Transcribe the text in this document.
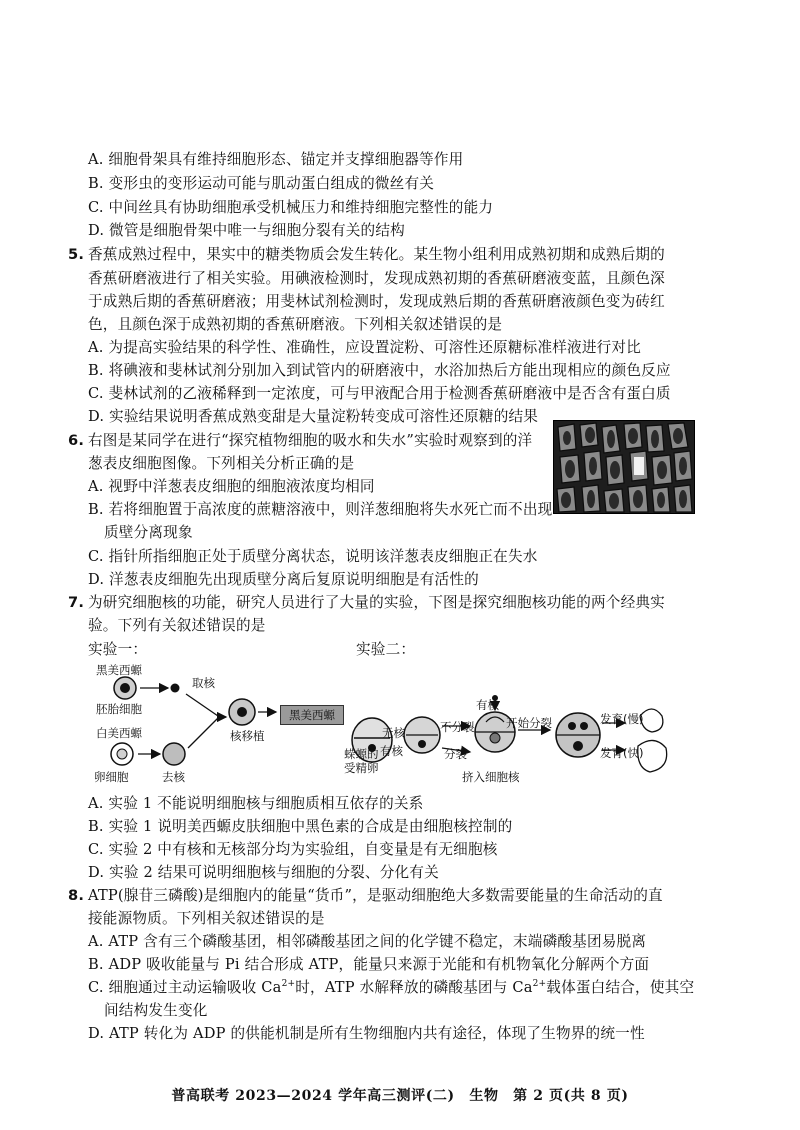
A. 细胞骨架具有维持细胞形态、锚定并支撑细胞器等作用
B. 变形虫的变形运动可能与肌动蛋白组成的微丝有关
C. 中间丝具有协助细胞承受机械压力和维持细胞完整性的能力
D. 微管是细胞骨架中唯一与细胞分裂有关的结构
5. 香蕉成熟过程中，果实中的糖类物质会发生转化。某生物小组利用成熟初期和成熟后期的
香蕉研磨液进行了相关实验。用碘液检测时，发现成熟初期的香蕉研磨液变蓝，且颜色深
于成熟后期的香蕉研磨液；用斐林试剂检测时，发现成熟后期的香蕉研磨液颜色变为砖红
色，且颜色深于成熟初期的香蕉研磨液。下列相关叙述错误的是
A. 为提高实验结果的科学性、准确性，应设置淀粉、可溶性还原糖标准样液进行对比
B. 将碘液和斐林试剂分别加入到试管内的研磨液中，水浴加热后方能出现相应的颜色反应
C. 斐林试剂的乙液稀释到一定浓度，可与甲液配合用于检测香蕉研磨液中是否含有蛋白质
D. 实验结果说明香蕉成熟变甜是大量淀粉转变成可溶性还原糖的结果
6. 右图是某同学在进行“探究植物细胞的吸水和失水”实验时观察到的洋
葱表皮细胞图像。下列相关分析正确的是
A. 视野中洋葱表皮细胞的细胞液浓度均相同
B. 若将细胞置于高浓度的蔗糖溶液中，则洋葱细胞将失水死亡而不出现
质壁分离现象
C. 指针所指细胞正处于质壁分离状态，说明该洋葱表皮细胞正在失水
D. 洋葱表皮细胞先出现质壁分离后复原说明细胞是有活性的
7. 为研究细胞核的功能，研究人员进行了大量的实验，下图是探究细胞核功能的两个经典实
验。下列有关叙述错误的是
实验一：	实验二：
黑美西螈
取核
胚胎细胞
白美西螈
卵细胞	去核
核移植
黑美西螈
蝾螈的
受精卵
无核
有核
不分裂
分裂
有核
挤入细胞核
开始分裂	发育(慢)
发育(快)
A. 实验 1 不能说明细胞核与细胞质相互依存的关系
B. 实验 1 说明美西螈皮肤细胞中黑色素的合成是由细胞核控制的
C. 实验 2 中有核和无核部分均为实验组，自变量是有无细胞核
D. 实验 2 结果可说明细胞核与细胞的分裂、分化有关
8. ATP(腺苷三磷酸)是细胞内的能量“货币”，是驱动细胞绝大多数需要能量的生命活动的直
接能源物质。下列相关叙述错误的是
A. ATP 含有三个磷酸基团，相邻磷酸基团之间的化学键不稳定，末端磷酸基团易脱离
B. ADP 吸收能量与 Pi 结合形成 ATP，能量只来源于光能和有机物氧化分解两个方面
C. 细胞通过主动运输吸收 $Ca^{2+}$时，ATP 水解释放的磷酸基团与 $Ca^{2+}$载体蛋白结合，使其空
间结构发生变化
D. ATP 转化为 ADP 的供能机制是所有生物细胞内共有途径，体现了生物界的统一性
普高联考 2023—2024 学年高三测评(二)　生物　第 2 页(共 8 页)
